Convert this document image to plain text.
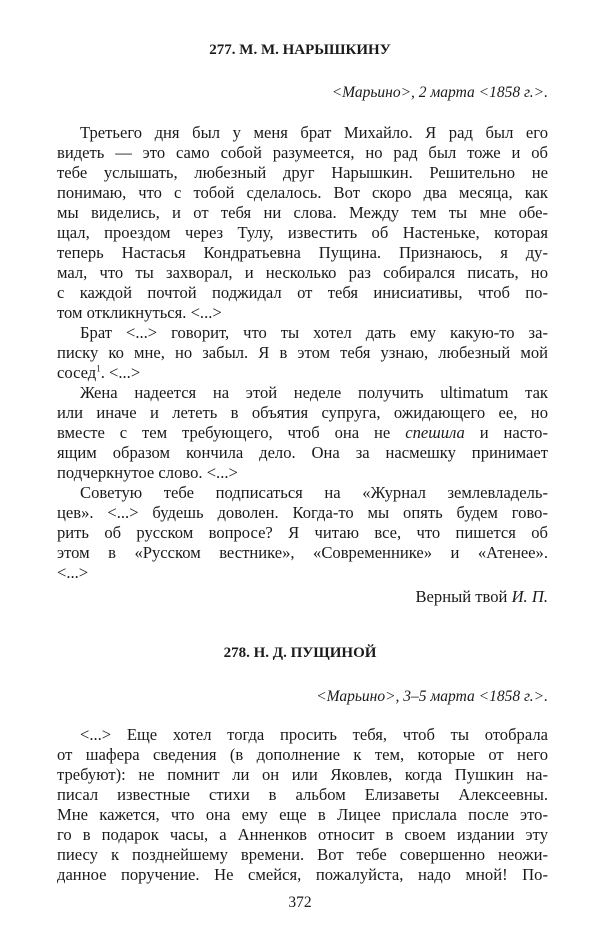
277. М. М. НАРЫШКИНУ
<Марьино>, 2 марта <1858 г.>.
Третьего дня был у меня брат Михайло. Я рад был его
видеть — это само собой разумеется, но рад был тоже и об
тебе услышать, любезный друг Нарышкин. Решительно не
понимаю, что с тобой сделалось. Вот скоро два месяца, как
мы виделись, и от тебя ни слова. Между тем ты мне обе-
щал, проездом через Тулу, известить об Настеньке, которая
теперь Настасья Кондратьевна Пущина. Признаюсь, я ду-
мал, что ты захворал, и несколько раз собирался писать, но
с каждой почтой поджидал от тебя инисиативы, чтоб по-
том откликнуться. <...>
Брат <...> говорит, что ты хотел дать ему какую-то за-
писку ко мне, но забыл. Я в этом тебя узнаю, любезный мой
сосед$^1$. <...>
Жена надеется на этой неделе получить ultimatum так
или иначе и лететь в объятия супруга, ожидающего ее, но
вместе с тем требующего, чтоб она не спешила и насто-
ящим образом кончила дело. Она за насмешку принимает
подчеркнутое слово. <...>
Советую тебе подписаться на «Журнал землевладель-
цев». <...> будешь доволен. Когда-то мы опять будем гово-
рить об русском вопросе? Я читаю все, что пишется об
этом в «Русском вестнике», «Современнике» и «Атенее».
<...>
Верный твой И. П.
278. Н. Д. ПУЩИНОЙ
<Марьино>, 3–5 марта <1858 г.>.
<...> Еще хотел тогда просить тебя, чтоб ты отобрала
от шафера сведения (в дополнение к тем, которые от него
требуют): не помнит ли он или Яковлев, когда Пушкин на-
писал известные стихи в альбом Елизаветы Алексеевны.
Мне кажется, что она ему еще в Лицее прислала после это-
го в подарок часы, а Анненков относит в своем издании эту
пиесу к позднейшему времени. Вот тебе совершенно неожи-
данное поручение. Не смейся, пожалуйста, надо мной! По-
372
